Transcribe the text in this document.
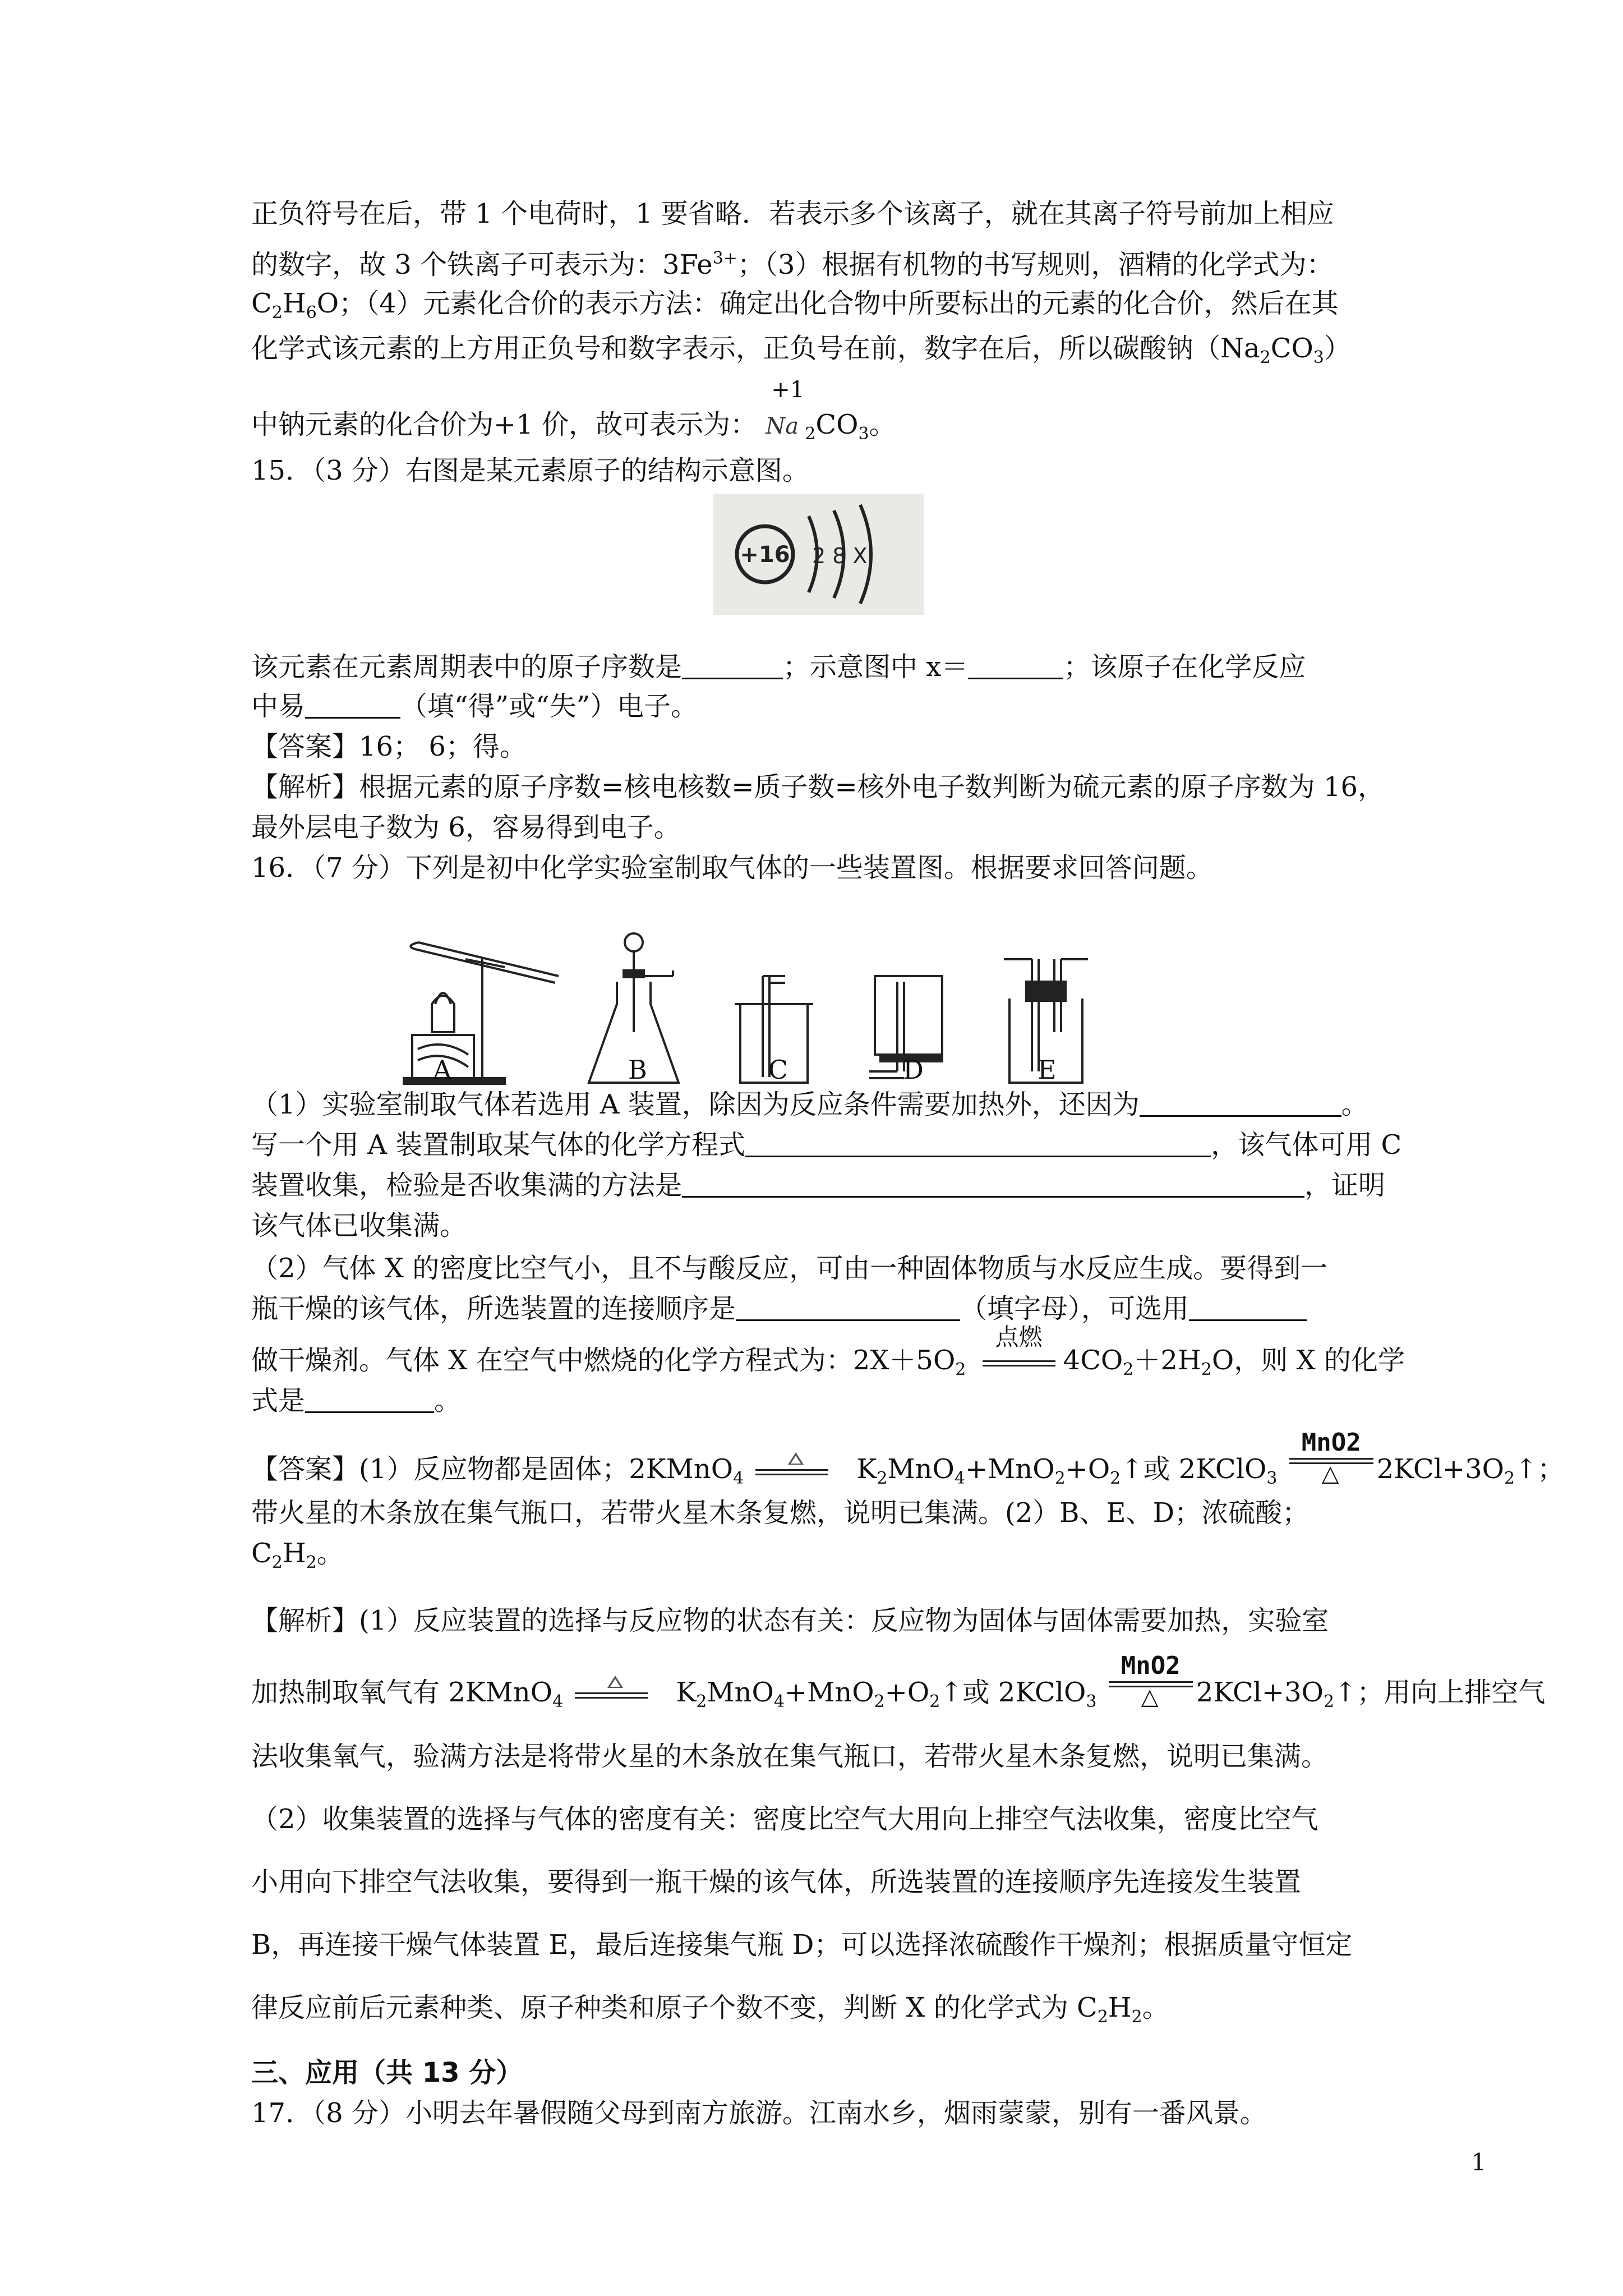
正负符号在后，带 1 个电荷时，1 要省略．若表示多个该离子，就在其离子符号前加上相应
的数字，故 3 个铁离子可表示为：$3Fe^{3+}$；（3）根据有机物的书写规则，酒精的化学式为：
$C_2H_6O$；（4）元素化合价的表示方法：确定出化合物中所要标出的元素的化合价，然后在其
化学式该元素的上方用正负号和数字表示，正负号在前，数字在后，所以碳酸钠$(Na_2CO_3)$
中钠元素的化合价为+1 价，故可表示为：
+1
Na $_2CO_3$。
15．（3 分）右图是某元素原子的结构示意图。
+16 2 8 X
该元素在元素周期表中的原子序数是	；示意图中 x＝	；该原子在化学反应
中易	（填“得”或“失”）电子。
【答案】16； 6；得。
【解析】根据元素的原子序数=核电核数=质子数=核外电子数判断为硫元素的原子序数为 16，
最外层电子数为 6，容易得到电子。
16．（7 分）下列是初中化学实验室制取气体的一些装置图。根据要求回答问题。
A	B	C	D	E
（1）实验室制取气体若选用 A 装置，除因为反应条件需要加热外，还因为	。
写一个用 A 装置制取某气体的化学方程式	，该气体可用 C
装置收集，检验是否收集满的方法是	，证明
该气体已收集满。
（2）气体 X 的密度比空气小，且不与酸反应，可由一种固体物质与水反应生成。要得到一
瓶干燥的该气体，所选装置的连接顺序是	（填字母），可选用
做干燥剂。气体 X 在空气中燃烧的化学方程式为：$2X+5O_2$
点燃
$4CO_2+2H_2O$，则 X 的化学
式是	。
【答案】(1）反应物都是固体；2KMnO$_4$	$K_2MnO_4+MnO_2+O_2↑$或 2KClO$_3$
MnO2
△ $2KCl+3O_2↑$；
带火星的木条放在集气瓶口，若带火星木条复燃，说明已集满。(2）B、E、D；浓硫酸；
$C_2H_2$。
【解析】(1）反应装置的选择与反应物的状态有关：反应物为固体与固体需要加热，实验室
加热制取氧气有 2KMnO$_4$	$K_2MnO_4+MnO_2+O_2↑$或 2KClO$_3$
MnO2
△ $2KCl+3O_2↑$；用向上排空气
法收集氧气，验满方法是将带火星的木条放在集气瓶口，若带火星木条复燃，说明已集满。
（2）收集装置的选择与气体的密度有关：密度比空气大用向上排空气法收集，密度比空气
小用向下排空气法收集，要得到一瓶干燥的该气体，所选装置的连接顺序先连接发生装置
B，再连接干燥气体装置 E，最后连接集气瓶 D；可以选择浓硫酸作干燥剂；根据质量守恒定
律反应前后元素种类、原子种类和原子个数不变，判断 X 的化学式为 $C_2H_2$。
三、应用（共 13 分）
17．（8 分）小明去年暑假随父母到南方旅游。江南水乡，烟雨蒙蒙，别有一番风景。
1
